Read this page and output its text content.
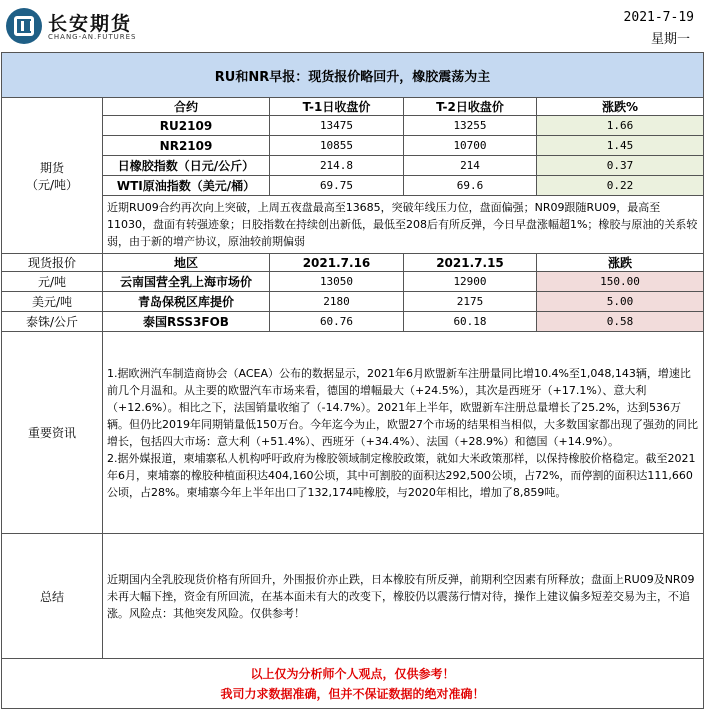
长安期货
CHANG-AN.FUTURES
2021-7-19
星期一
RU和NR早报：现货报价略回升，橡胶震荡为主				

期货
（元/吨）	合约	T-1日收盘价	T-2日收盘价	涨跌%
	RU2109	13475	13255	1.66
	NR2109	10855	10700	1.45
	日橡胶指数（日元/公斤）	214.8	214	0.37
	WTI原油指数（美元/桶）	69.75	69.6	0.22
	近期RU09合约再次向上突破，上周五夜盘最高至13685，突破年线压力位，盘面偏强；NR09跟随RU09，最高至11030，盘面有转强迹象；日胶指数在持续创出新低，最低至208后有所反弹，今日早盘涨幅超1%；橡胶与原油的关系较弱，由于新的增产协议，原油较前期偏弱			
现货报价	地区	2021.7.16	2021.7.15	涨跌
元/吨	云南国营全乳上海市场价	13050	12900	150.00
美元/吨	青岛保税区库提价	2180	2175	5.00
泰铢/公斤	泰国RSS3FOB	60.76	60.18	0.58
重要资讯	1.据欧洲汽车制造商协会（ACEA）公布的数据显示，2021年6月欧盟新车注册量同比增10.4%至1,048,143辆，增速比前几个月温和。从主要的欧盟汽车市场来看，德国的增幅最大（+24.5%），其次是西班牙（+17.1%）、意大利（+12.6%）。相比之下，法国销量收缩了（-14.7%）。2021年上半年，欧盟新车注册总量增长了25.2%，达到536万辆。但仍比2019年同期销量低150万台。今年迄今为止，欧盟27个市场的结果相当相似，大多数国家都出现了强劲的同比增长，包括四大市场：意大利（+51.4%）、西班牙（+34.4%）、法国（+28.9%）和德国（+14.9%）。
2.据外媒报道，柬埔寨私人机构呼吁政府为橡胶领域制定橡胶政策，就如大米政策那样，以保持橡胶价格稳定。截至2021年6月，柬埔寨的橡胶种植面积达404,160公顷，其中可割胶的面积达292,500公顷，占72%，而停割的面积达111,660公顷，占28%。柬埔寨今年上半年出口了132,174吨橡胶，与2020年相比，增加了8,859吨。			
总结	近期国内全乳胶现货价格有所回升，外围报价亦止跌，日本橡胶有所反弹，前期利空因素有所释放；盘面上RU09及NR09未再大幅下挫，资金有所回流，在基本面未有大的改变下，橡胶仍以震荡行情对待，操作上建议偏多短差交易为主，不追涨。风险点：其他突发风险。仅供参考！			

以上仅为分析师个人观点，仅供参考！
我司力求数据准确，但并不保证数据的绝对准确！				
